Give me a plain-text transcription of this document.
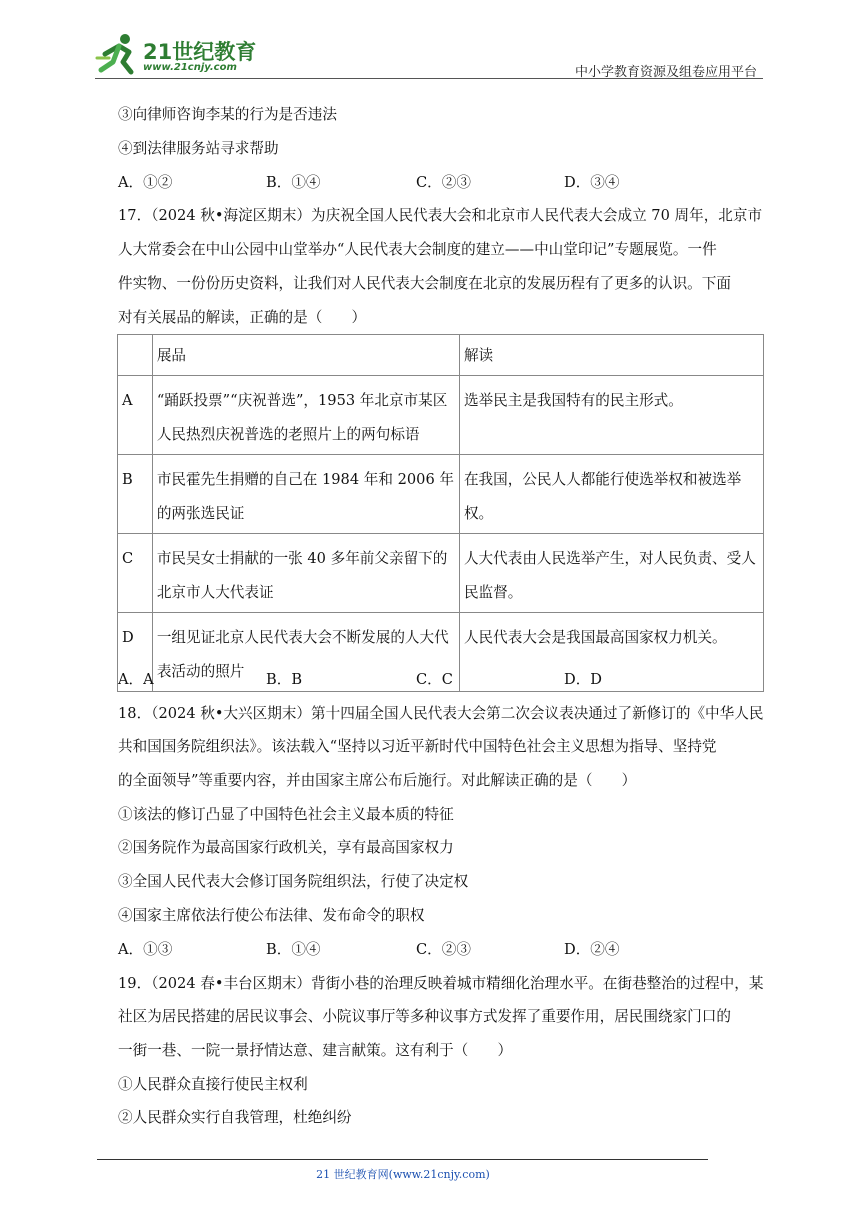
21世纪教育
www.21cnjy.com	中小学教育资源及组卷应用平台
③向律师咨询李某的行为是否违法
④到法律服务站寻求帮助
A．①②	B．①④	C．②③	D．③④
17．（2024 秋•海淀区期末）为庆祝全国人民代表大会和北京市人民代表大会成立 70 周年，北京市
人大常委会在中山公园中山堂举办“人民代表大会制度的建立——中山堂印记”专题展览。一件
件实物、一份份历史资料，让我们对人民代表大会制度在北京的发展历程有了更多的认识。下面
对有关展品的解读，正确的是（　　）
	展品	解读
A	“踊跃投票”“庆祝普选”，1953 年北京市某区人民热烈庆祝普选的老照片上的两句标语	选举民主是我国特有的民主形式。
B	市民霍先生捐赠的自己在 1984 年和 2006 年的两张选民证	在我国，公民人人都能行使选举权和被选举权。
C	市民吴女士捐献的一张 40 多年前父亲留下的北京市人大代表证	人大代表由人民选举产生，对人民负责、受人民监督。
D	一组见证北京人民代表大会不断发展的人大代表活动的照片	人民代表大会是我国最高国家权力机关。
A．A	B．B	C．C	D．D
18．（2024 秋•大兴区期末）第十四届全国人民代表大会第二次会议表决通过了新修订的《中华人民
共和国国务院组织法》。该法载入“坚持以习近平新时代中国特色社会主义思想为指导、坚持党
的全面领导”等重要内容，并由国家主席公布后施行。对此解读正确的是（　　）
①该法的修订凸显了中国特色社会主义最本质的特征
②国务院作为最高国家行政机关，享有最高国家权力
③全国人民代表大会修订国务院组织法，行使了决定权
④国家主席依法行使公布法律、发布命令的职权
A．①③	B．①④	C．②③	D．②④
19．（2024 春•丰台区期末）背街小巷的治理反映着城市精细化治理水平。在街巷整治的过程中，某
社区为居民搭建的居民议事会、小院议事厅等多种议事方式发挥了重要作用，居民围绕家门口的
一街一巷、一院一景抒情达意、建言献策。这有利于（　　）
①人民群众直接行使民主权利
②人民群众实行自我管理，杜绝纠纷
21 世纪教育网(www.21cnjy.com)
